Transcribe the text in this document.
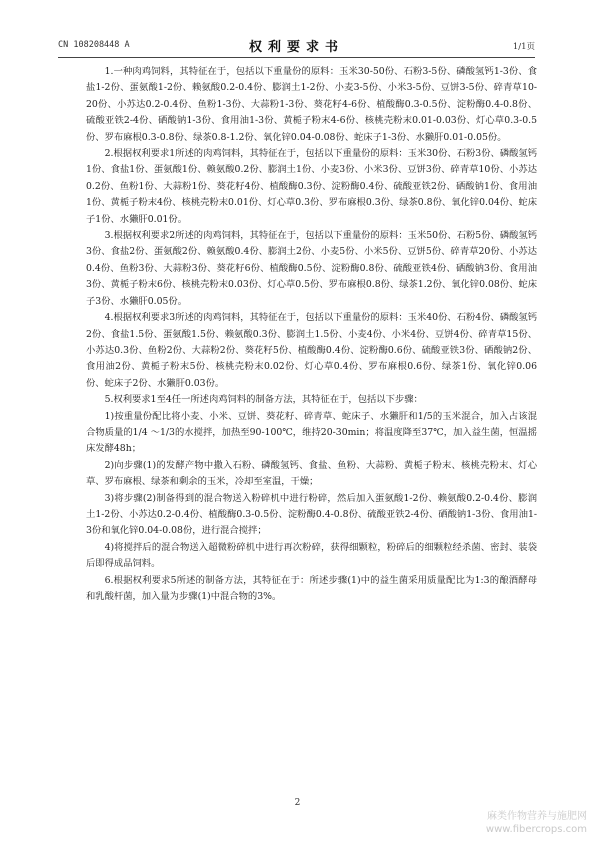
CN 108208448 A	权利要求书	1/1页

1.一种肉鸡饲料，其特征在于，包括以下重量份的原料：玉米30-50份、石粉3-5份、磷酸氢钙1-3份、食盐1-2份、蛋氨酸1-2份、赖氨酸0.2-0.4份、膨润土1-2份、小麦3-5份、小米3-5份、豆饼3-5份、碎青草10-20份、小苏达0.2-0.4份、鱼粉1-3份、大蒜粉1-3份、葵花籽4-6份、植酸酶0.3-0.5份、淀粉酶0.4-0.8份、硫酸亚铁2-4份、硒酸钠1-3份、食用油1-3份、黄栀子粉末4-6份、核桃壳粉末0.01-0.03份、灯心草0.3-0.5份、罗布麻根0.3-0.8份、绿茶0.8-1.2份、氧化锌0.04-0.08份、蛇床子1-3份、水獭肝0.01-0.05份。

2.根据权利要求1所述的肉鸡饲料，其特征在于，包括以下重量份的原料：玉米30份、石粉3份、磷酸氢钙1份、食盐1份、蛋氨酸1份、赖氨酸0.2份、膨润土1份、小麦3份、小米3份、豆饼3份、碎青草10份、小苏达0.2份、鱼粉1份、大蒜粉1份、葵花籽4份、植酸酶0.3份、淀粉酶0.4份、硫酸亚铁2份、硒酸钠1份、食用油1份、黄栀子粉末4份、核桃壳粉末0.01份、灯心草0.3份、罗布麻根0.3份、绿茶0.8份、氧化锌0.04份、蛇床子1份、水獭肝0.01份。

3.根据权利要求2所述的肉鸡饲料，其特征在于，包括以下重量份的原料：玉米50份、石粉5份、磷酸氢钙3份、食盐2份、蛋氨酸2份、赖氨酸0.4份、膨润土2份、小麦5份、小米5份、豆饼5份、碎青草20份、小苏达0.4份、鱼粉3份、大蒜粉3份、葵花籽6份、植酸酶0.5份、淀粉酶0.8份、硫酸亚铁4份、硒酸钠3份、食用油3份、黄栀子粉末6份、核桃壳粉末0.03份、灯心草0.5份、罗布麻根0.8份、绿茶1.2份、氧化锌0.08份、蛇床子3份、水獭肝0.05份。

4.根据权利要求3所述的肉鸡饲料，其特征在于，包括以下重量份的原料：玉米40份、石粉4份、磷酸氢钙2份、食盐1.5份、蛋氨酸1.5份、赖氨酸0.3份、膨润土1.5份、小麦4份、小米4份、豆饼4份、碎青草15份、小苏达0.3份、鱼粉2份、大蒜粉2份、葵花籽5份、植酸酶0.4份、淀粉酶0.6份、硫酸亚铁3份、硒酸钠2份、食用油2份、黄栀子粉末5份、核桃壳粉末0.02份、灯心草0.4份、罗布麻根0.6份、绿茶1份、氧化锌0.06份、蛇床子2份、水獭肝0.03份。

5.权利要求1至4任一所述肉鸡饲料的制备方法，其特征在于，包括以下步骤：

1)按重量份配比将小麦、小米、豆饼、葵花籽、碎青草、蛇床子、水獭肝和1/5的玉米混合，加入占该混合物质量的1/4 ～1/3的水搅拌，加热至90-100℃，维持20-30min；将温度降至37℃，加入益生菌，恒温摇床发酵48h；

2)向步骤(1)的发酵产物中撒入石粉、磷酸氢钙、食盐、鱼粉、大蒜粉、黄栀子粉末、核桃壳粉末、灯心草、罗布麻根、绿茶和剩余的玉米，冷却至室温，干燥；

3)将步骤(2)制备得到的混合物送入粉碎机中进行粉碎，然后加入蛋氨酸1-2份、赖氨酸0.2-0.4份、膨润土1-2份、小苏达0.2-0.4份、植酸酶0.3-0.5份、淀粉酶0.4-0.8份、硫酸亚铁2-4份、硒酸钠1-3份、食用油1-3份和氧化锌0.04-0.08份，进行混合搅拌；

4)将搅拌后的混合物送入超微粉碎机中进行再次粉碎，获得细颗粒，粉碎后的细颗粒经杀菌、密封、装袋后即得成品饲料。

6.根据权利要求5所述的制备方法，其特征在于：所述步骤(1)中的益生菌采用质量配比为1:3的酿酒酵母和乳酸杆菌，加入量为步骤(1)中混合物的3%。

2
麻类作物营养与施肥网
www.fibercrops.com
